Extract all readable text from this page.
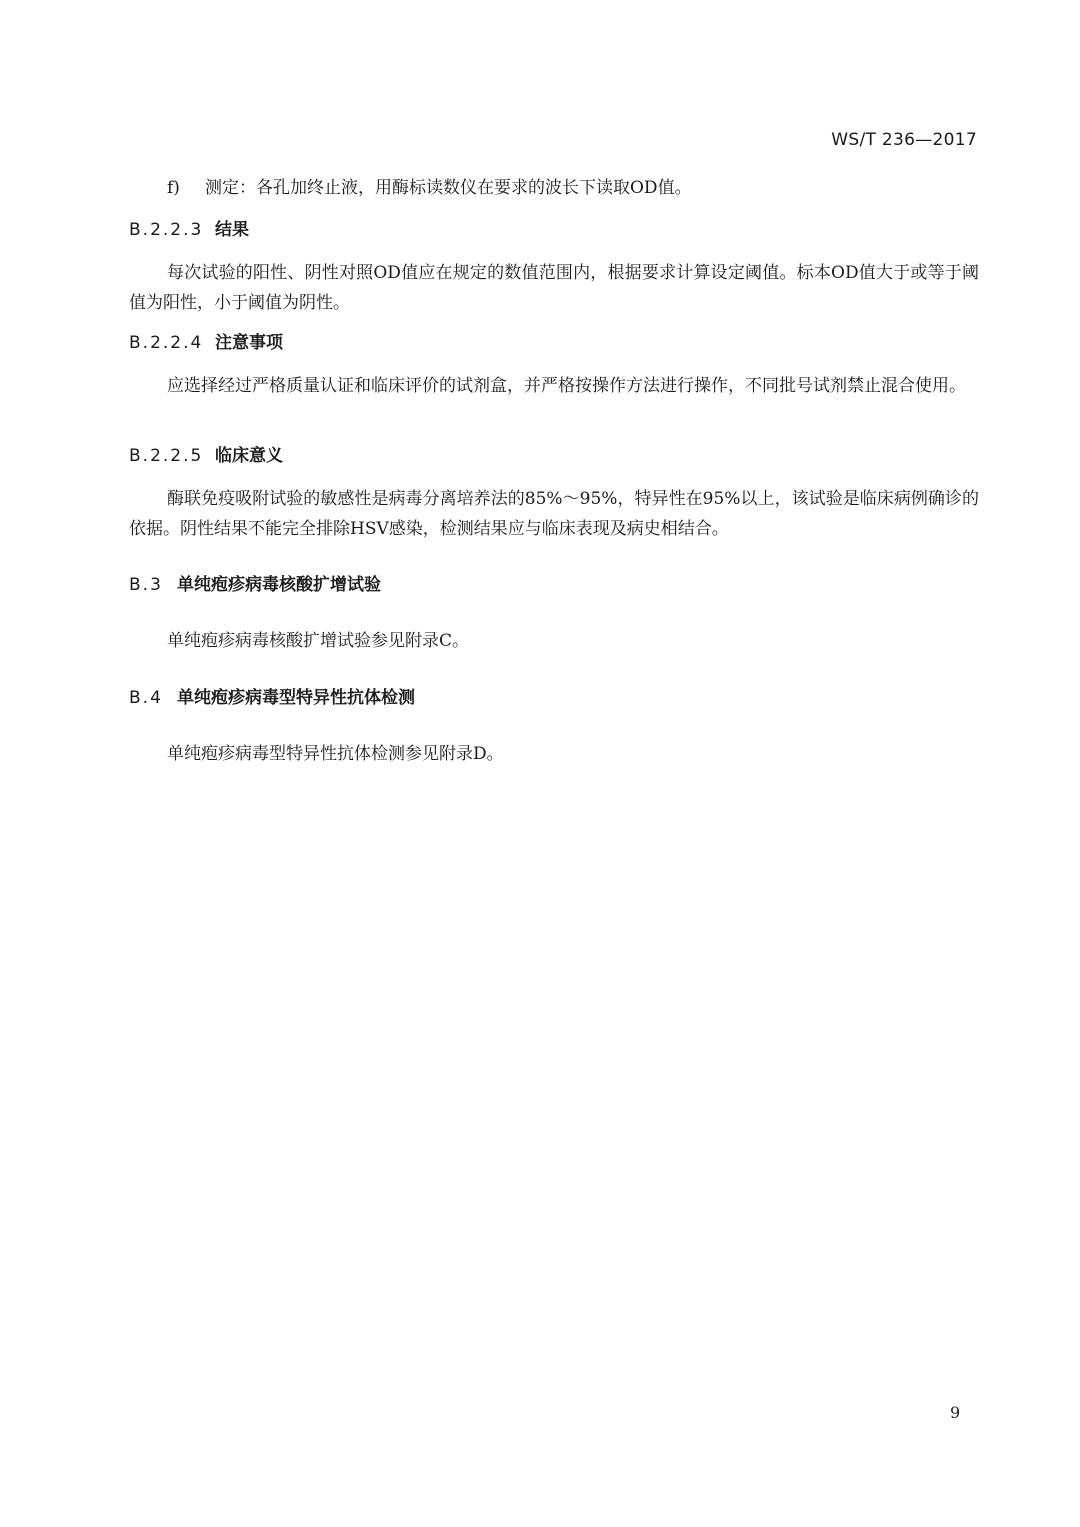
WS/T 236—2017
f) 测定：各孔加终止液，用酶标读数仪在要求的波长下读取OD值。
B.2.2.3 结果

每次试验的阳性、阴性对照OD值应在规定的数值范围内，根据要求计算设定阈值。标本OD值大于或等于阈值为阳性，小于阈值为阴性。

B.2.2.4 注意事项

应选择经过严格质量认证和临床评价的试剂盒，并严格按操作方法进行操作，不同批号试剂禁止混合使用。

B.2.2.5 临床意义

酶联免疫吸附试验的敏感性是病毒分离培养法的85%～95%，特异性在95%以上，该试验是临床病例确诊的依据。阴性结果不能完全排除HSV感染，检测结果应与临床表现及病史相结合。

B.3 单纯疱疹病毒核酸扩增试验

单纯疱疹病毒核酸扩增试验参见附录C。

B.4 单纯疱疹病毒型特异性抗体检测

单纯疱疹病毒型特异性抗体检测参见附录D。

9
